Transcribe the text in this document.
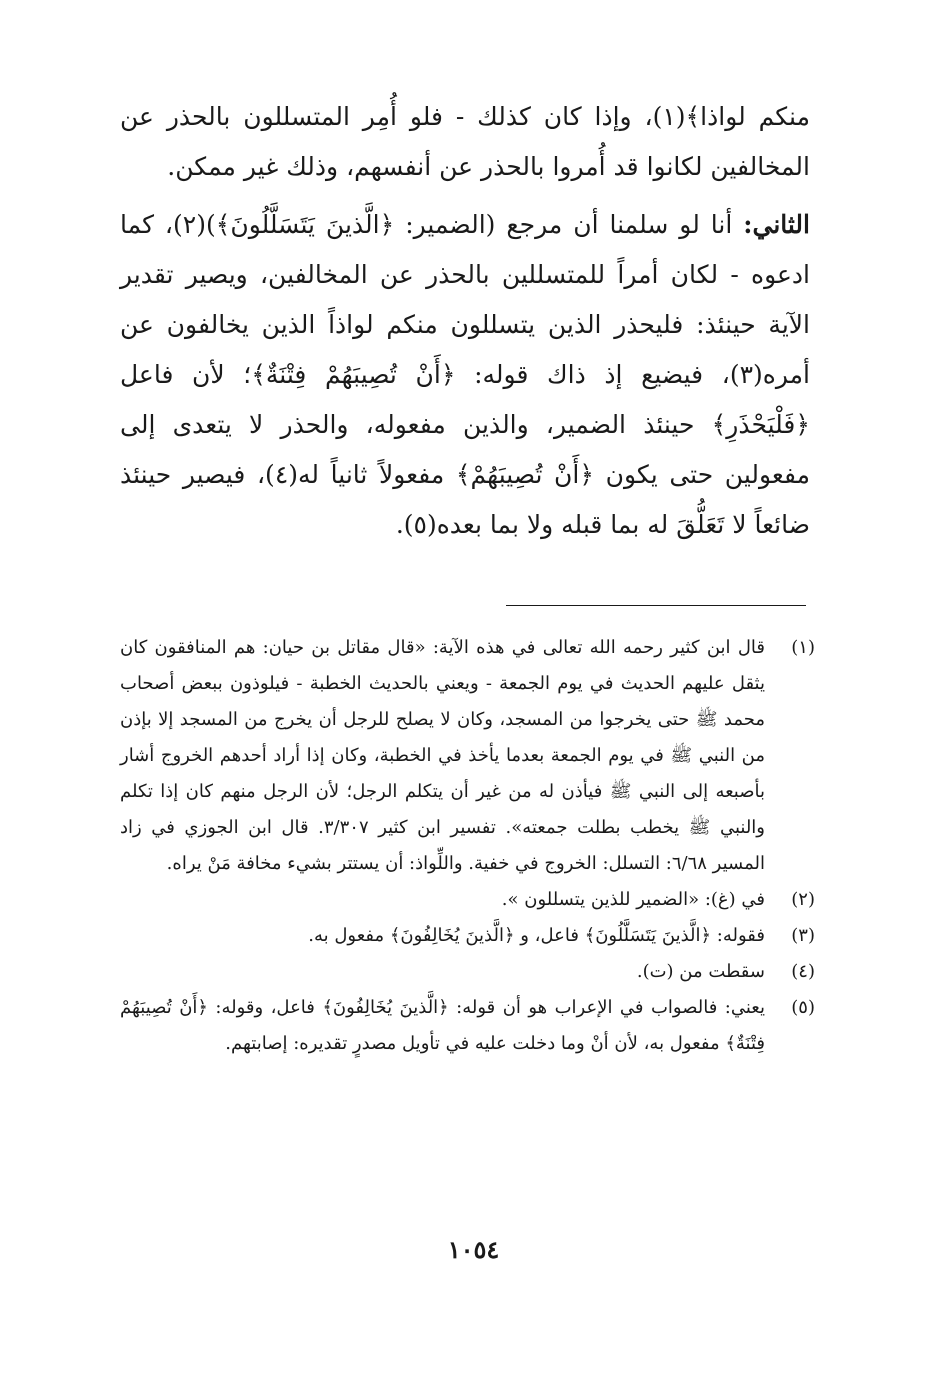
منكم لواذا﴾(١)، وإذا كان كذلك - فلو أُمِر المتسللون بالحذر عن المخالفين لكانوا قد أُمروا بالحذر عن أنفسهم، وذلك غير ممكن.

الثاني: أنا لو سلمنا أن مرجع (الضمير: ﴿الَّذينَ يَتَسَلَّلُونَ﴾)(٢)، كما ادعوه - لكان أمراً للمتسللين بالحذر عن المخالفين، ويصير تقدير الآية حينئذ: فليحذر الذين يتسللون منكم لواذاً الذين يخالفون عن أمره(٣)، فيضيع إذ ذاك قوله: ﴿أَنْ تُصِيبَهُمْ فِتْنَةٌ﴾؛ لأن فاعل ﴿فَلْيَحْذَرِ﴾ حينئذ الضمير، والذين مفعوله، والحذر لا يتعدى إلى مفعولين حتى يكون ﴿أَنْ تُصِيبَهُمْ﴾ مفعولاً ثانياً له(٤)، فيصير حينئذ ضائعاً لا تَعَلُّقَ له بما قبله ولا بما بعده(٥).

(١)
قال ابن كثير رحمه الله تعالى في هذه الآية: «قال مقاتل بن حيان: هم المنافقون كان يثقل عليهم الحديث في يوم الجمعة - ويعني بالحديث الخطبة - فيلوذون ببعض أصحاب محمد ﷺ حتى يخرجوا من المسجد، وكان لا يصلح للرجل أن يخرج من المسجد إلا بإذن من النبي ﷺ في يوم الجمعة بعدما يأخذ في الخطبة، وكان إذا أراد أحدهم الخروج أشار بأصبعه إلى النبي ﷺ فيأذن له من غير أن يتكلم الرجل؛ لأن الرجل منهم كان إذا تكلم والنبي ﷺ يخطب بطلت جمعته». تفسير ابن كثير ٣/٣٠٧. قال ابن الجوزي في زاد المسير ٦/٦٨: التسلل: الخروج في خفية. واللِّواذ: أن يستتر بشيء مخافة مَنْ يراه.
(٢)
في (غ): «الضمير للذين يتسللون ».
(٣)
فقوله: ﴿الَّذينَ يَتَسَلَّلُونَ﴾ فاعل، و ﴿الَّذينَ يُخَالِفُونَ﴾ مفعول به.
(٤)
سقطت من (ت).
(٥)
يعني: فالصواب في الإعراب هو أن قوله: ﴿الَّذينَ يُخَالِفُونَ﴾ فاعل، وقوله: ﴿أَنْ تُصِيبَهُمْ فِتْنَةٌ﴾ مفعول به، لأن أنْ وما دخلت عليه في تأويل مصدرٍ تقديره: إصابتهم.
١٠٥٤
